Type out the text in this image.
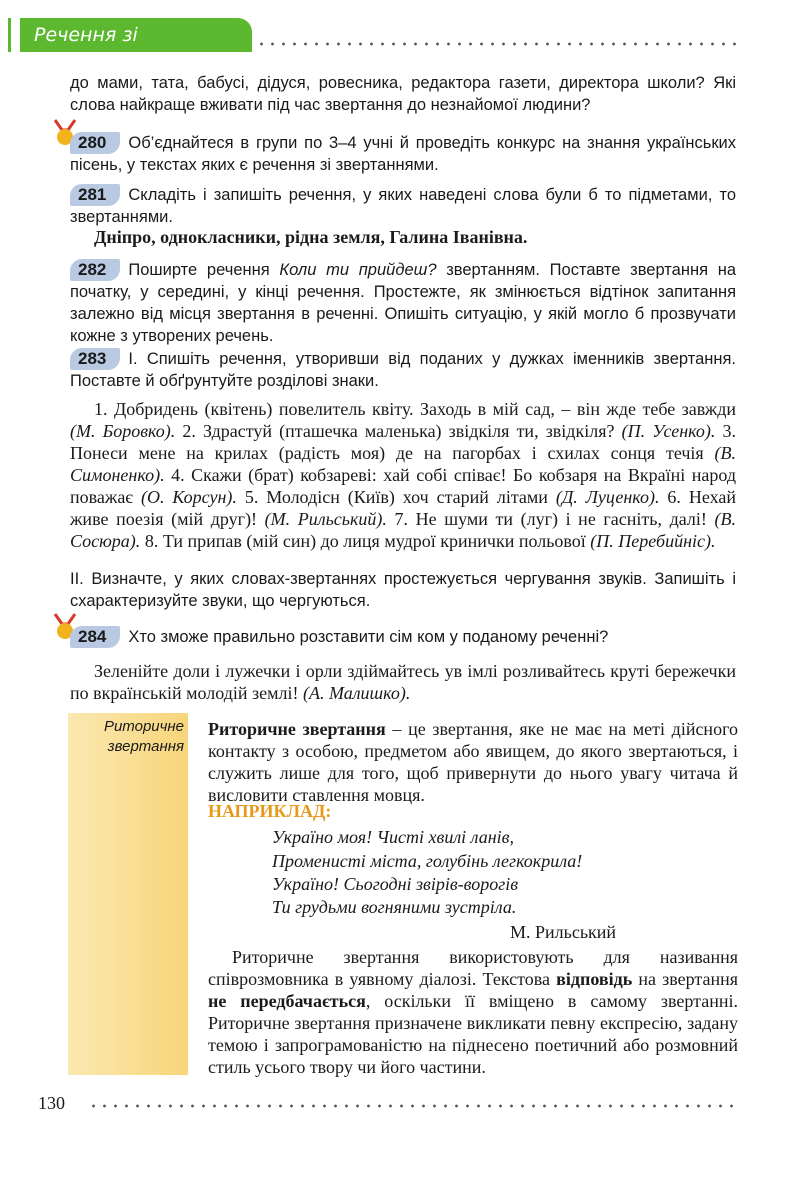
Речення зі звертаннями
до мами, тата, бабусі, дідуся, ровесника, редактора газети, директора школи? Які слова найкраще вживати під час звертання до незнайомої людини?
280 Об’єднайтеся в групи по 3–4 учні й проведіть конкурс на знання українських пісень, у текстах яких є речення зі звертаннями.
281 Складіть і запишіть речення, у яких наведені слова були б то підметами, то звертаннями.
Дніпро, однокласники, рідна земля, Галина Іванівна.
282 Поширте речення Коли ти прийдеш? звертанням. Поставте звертання на початку, у середині, у кінці речення. Простежте, як змінюється відтінок запитання залежно від місця звертання в реченні. Опишіть ситуацію, у якій могло б прозвучати кожне з утворених речень.
283 I. Спишіть речення, утворивши від поданих у дужках іменників звертання. Поставте й обґрунтуйте розділові знаки.
1. Добридень (квітень) повелитель квіту. Заходь в мій сад, – він жде тебе завжди (М. Боровко). 2. Здрастуй (пташечка маленька) звідкіля ти, звідкіля? (П. Усенко). 3. Понеси мене на крилах (радість моя) де на пагорбах і схилах сонця течія (В. Симоненко). 4. Скажи (брат) кобзареві: хай собі співає! Бо кобзаря на Вкраїні народ поважає (О. Корсун). 5. Молодісн (Київ) хоч старий літами (Д. Луценко). 6. Нехай живе поезія (мій друг)! (М. Рильський). 7. Не шуми ти (луг) і не гасніть, далі! (В. Сосюра). 8. Ти припав (мій син) до лиця мудрої кринички польової (П. Перебийніс).
II. Визначте, у яких словах-звертаннях простежується чергування звуків. Запишіть і схарактеризуйте звуки, що чергуються.
284 Хто зможе правильно розставити сім ком у поданому реченні?
Зеленійте доли і лужечки і орли здіймайтесь ув імлі розливайтесь круті бережечки по вкраїнській молодій землі! (А. Малишко).
Риторичне звертання
Риторичне звертання – це звертання, яке не має на меті дійсного контакту з особою, предметом або явищем, до якого звертаються, і служить лише для того, щоб привернути до нього увагу читача й висловити ставлення мовця.
НАПРИКЛАД:
Україно моя! Чисті хвилі ланів,
Променисті міста, голубінь легкокрила!
Україно! Сьогодні звірів-ворогів
Ти грудьми вогняними зустріла.
М. Рильський
Риторичне звертання використовують для називання співрозмовника в уявному діалозі. Текстова відповідь на звертання не передбачається, оскільки її вміщено в самому звертанні. Риторичне звертання призначене викликати певну експресію, задану темою і запрограмованістю на піднесено поетичний або розмовний стиль усього твору чи його частини.
130
